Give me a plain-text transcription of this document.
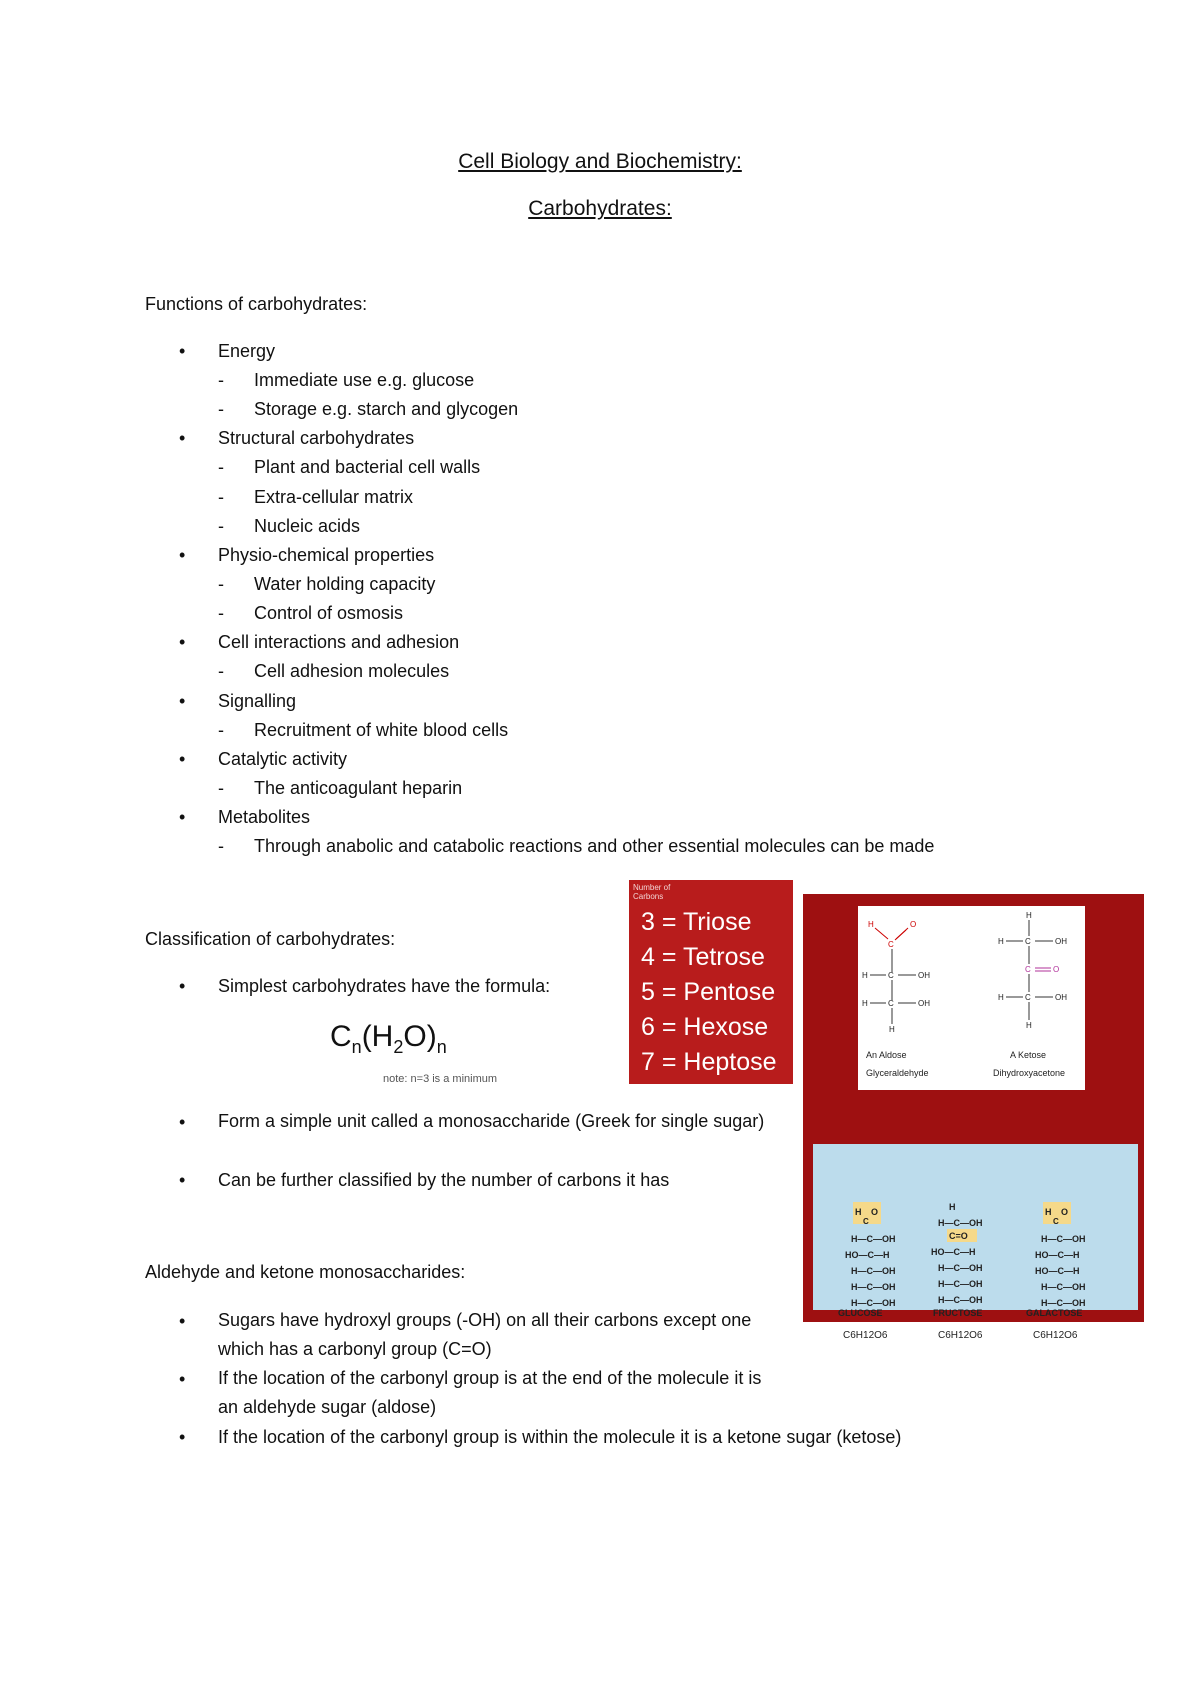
Cell Biology and Biochemistry:
Carbohydrates:
Functions of carbohydrates:
Energy
- Immediate use e.g. glucose
- Storage e.g. starch and glycogen
Structural carbohydrates
- Plant and bacterial cell walls
- Extra-cellular matrix
- Nucleic acids
Physio-chemical properties
- Water holding capacity
- Control of osmosis
Cell interactions and adhesion
- Cell adhesion molecules
Signalling
- Recruitment of white blood cells
Catalytic activity
- The anticoagulant heparin
Metabolites
- Through anabolic and catabolic reactions and other essential molecules can be made
Classification of carbohydrates:
Simplest carbohydrates have the formula:
$C_n(H_2O)_n$
note: n=3 is a minimum
Form a simple unit called a monosaccharide (Greek for single sugar)
Can be further classified by the number of carbons it has
Aldehyde and ketone monosaccharides:
Sugars have hydroxyl groups (-OH) on all their carbons except one which has a carbonyl group (C=O)
If the location of the carbonyl group is at the end of the molecule it is an aldehyde sugar (aldose)
If the location of the carbonyl group is within the molecule it is a ketone sugar (ketose)
Number of Carbons
3 = Triose
4 = Tetrose
5 = Pentose
6 = Hexose
7 = Heptose
H	O
C
H	C	OH
H	C	OH
H
H
H	C	OH
C	O
H	C	OH
H
An Aldose
Glyceraldehyde
A Ketose
Dihydroxyacetone
H O
C
H—C—OH
HO—C—H
H—C—OH
H—C—OH
H—C—OH
H
H—C—OH
C=O
HO—C—H
H—C—OH
H—C—OH
H—C—OH
H O
C
H—C—OH
HO—C—H
HO—C—H
H—C—OH
H—C—OH
GLUCOSE	FRUCTOSE	GALACTOSE
C6H12O6	C6H12O6	C6H12O6
